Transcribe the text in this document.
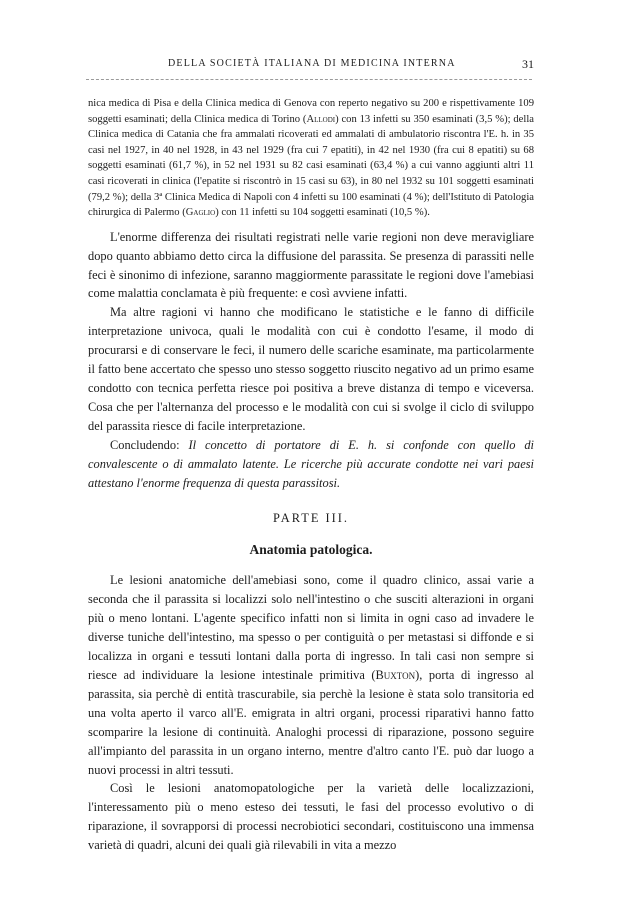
DELLA SOCIETÀ ITALIANA DI MEDICINA INTERNA	31

nica medica di Pisa e della Clinica medica di Genova con reperto negativo su 200 e rispettivamente 109 soggetti esaminati; della Clinica medica di Torino (Allodi) con 13 infetti su 350 esaminati (3,5 %); della Clinica medica di Catania che fra ammalati ricoverati ed ammalati di ambulatorio riscontra l'E. h. in 35 casi nel 1927, in 40 nel 1928, in 43 nel 1929 (fra cui 7 epatiti), in 42 nel 1930 (fra cui 8 epatiti) su 68 soggetti esaminati (61,7 %), in 52 nel 1931 su 82 casi esaminati (63,4 %) a cui vanno aggiunti altri 11 casi ricoverati in clinica (l'epatite si riscontrò in 15 casi su 63), in 80 nel 1932 su 101 soggetti esaminati (79,2 %); della 3ª Clinica Medica di Napoli con 4 infetti su 100 esaminati (4 %); dell'Istituto di Patologia chirurgica di Palermo (Gaglio) con 11 infetti su 104 soggetti esaminati (10,5 %).

L'enorme differenza dei risultati registrati nelle varie regioni non deve meravigliare dopo quanto abbiamo detto circa la diffusione del parassita. Se presenza di parassiti nelle feci è sinonimo di infezione, saranno maggiormente parassitate le regioni dove l'amebiasi come malattia conclamata è più frequente: e così avviene infatti.

Ma altre ragioni vi hanno che modificano le statistiche e le fanno di difficile interpretazione univoca, quali le modalità con cui è condotto l'esame, il modo di procurarsi e di conservare le feci, il numero delle scariche esaminate, ma particolarmente il fatto bene accertato che spesso uno stesso soggetto riuscito negativo ad un primo esame condotto con tecnica perfetta riesce poi positiva a breve distanza di tempo e viceversa. Cosa che per l'alternanza del processo e le modalità con cui si svolge il ciclo di sviluppo del parassita riesce di facile interpretazione.

Concludendo: Il concetto di portatore di E. h. si confonde con quello di convalescente o di ammalato latente. Le ricerche più accurate condotte nei vari paesi attestano l'enorme frequenza di questa parassitosi.

PARTE III.
Anatomia patologica.

Le lesioni anatomiche dell'amebiasi sono, come il quadro clinico, assai varie a seconda che il parassita si localizzi solo nell'intestino o che susciti alterazioni in organi più o meno lontani. L'agente specifico infatti non si limita in ogni caso ad invadere le diverse tuniche dell'intestino, ma spesso o per contiguità o per metastasi si diffonde e si localizza in organi e tessuti lontani dalla porta di ingresso. In tali casi non sempre si riesce ad individuare la lesione intestinale primitiva (Buxton), porta di ingresso al parassita, sia perchè di entità trascurabile, sia perchè la lesione è stata solo transitoria ed una volta aperto il varco all'E. emigrata in altri organi, processi riparativi hanno fatto scomparire la lesione di continuità. Analoghi processi di riparazione, possono seguire all'impianto del parassita in un organo interno, mentre d'altro canto l'E. può dar luogo a nuovi processi in altri tessuti.

Così le lesioni anatomopatologiche per la varietà delle localizzazioni, l'interessamento più o meno esteso dei tessuti, le fasi del processo evolutivo o di riparazione, il sovrapporsi di processi necrobiotici secondari, costituiscono una immensa varietà di quadri, alcuni dei quali già rilevabili in vita a mezzo
